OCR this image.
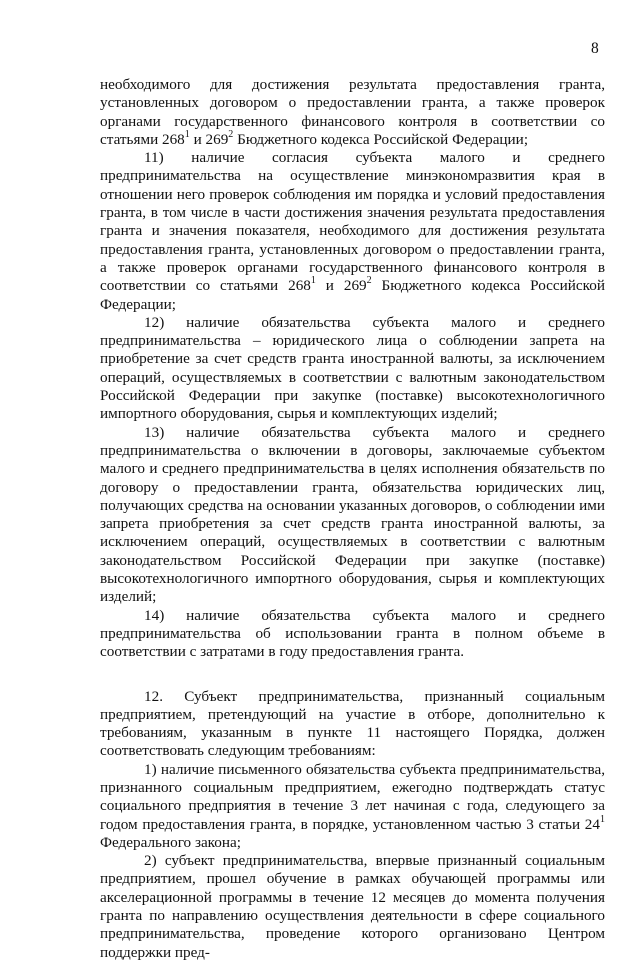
8

необходимого для достижения результата предоставления гранта, установленных договором о предоставлении гранта, а также проверок органами государственного финансового контроля в соответствии со статьями $268^1$ и $269^2$ Бюджетного кодекса Российской Федерации;

11) наличие согласия субъекта малого и среднего предпринимательства на осуществление минэкономразвития края в отношении него проверок соблюдения им порядка и условий предоставления гранта, в том числе в части достижения значения результата предоставления гранта и значения показателя, необходимого для достижения результата предоставления гранта, установленных договором о предоставлении гранта, а также проверок органами государственного финансового контроля в соответствии со статьями $268^1$ и $269^2$ Бюджетного кодекса Российской Федерации;

12) наличие обязательства субъекта малого и среднего предпринимательства – юридического лица о соблюдении запрета на приобретение за счет средств гранта иностранной валюты, за исключением операций, осуществляемых в соответствии с валютным законодательством Российской Федерации при закупке (поставке) высокотехнологичного импортного оборудования, сырья и комплектующих изделий;

13) наличие обязательства субъекта малого и среднего предпринимательства о включении в договоры, заключаемые субъектом малого и среднего предпринимательства в целях исполнения обязательств по договору о предоставлении гранта, обязательства юридических лиц, получающих средства на основании указанных договоров, о соблюдении ими запрета приобретения за счет средств гранта иностранной валюты, за исключением операций, осуществляемых в соответствии с валютным законодательством Российской Федерации при закупке (поставке) высокотехнологичного импортного оборудования, сырья и комплектующих изделий;

14) наличие обязательства субъекта малого и среднего предпринимательства об использовании гранта в полном объеме в соответствии с затратами в году предоставления гранта.

12. Субъект предпринимательства, признанный социальным предприятием, претендующий на участие в отборе, дополнительно к требованиям, указанным в пункте 11 настоящего Порядка, должен соответствовать следующим требованиям:

1) наличие письменного обязательства субъекта предпринимательства, признанного социальным предприятием, ежегодно подтверждать статус социального предприятия в течение 3 лет начиная с года, следующего за годом предоставления гранта, в порядке, установленном частью 3 статьи $24^1$ Федерального закона;

2) субъект предпринимательства, впервые признанный социальным предприятием, прошел обучение в рамках обучающей программы или акселерационной программы в течение 12 месяцев до момента получения гранта по направлению осуществления деятельности в сфере социального предпринимательства, проведение которого организовано Центром поддержки пред-
